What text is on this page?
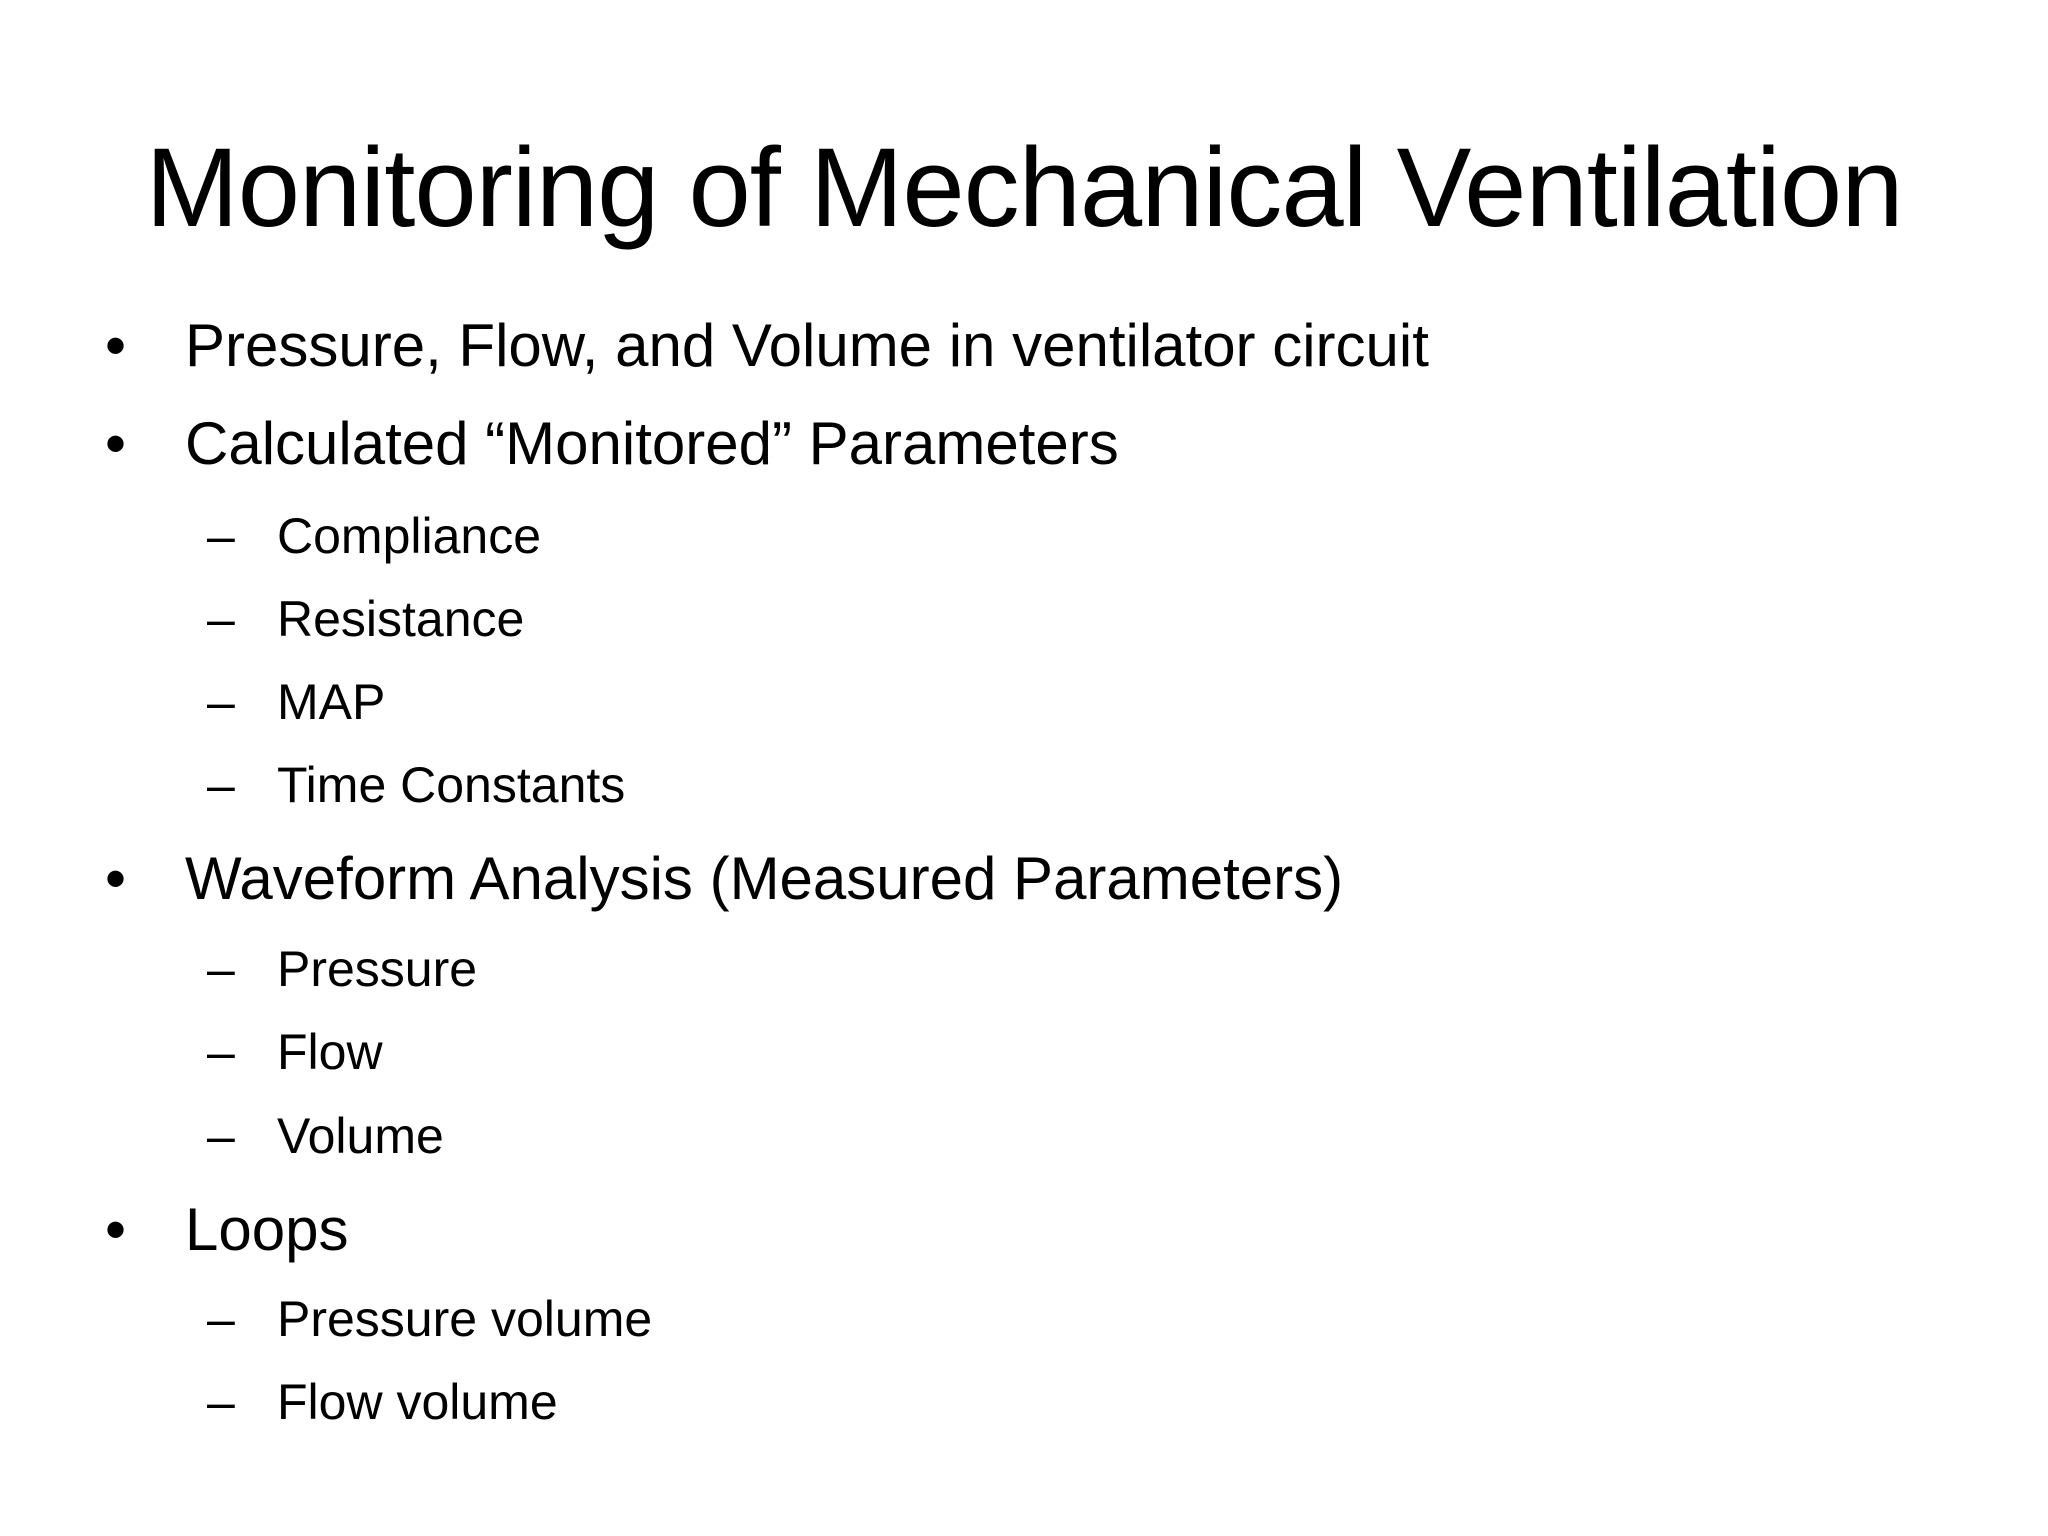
Monitoring of Mechanical Ventilation
• Pressure, Flow, and Volume in ventilator circuit
• Calculated “Monitored” Parameters
– Compliance
– Resistance
– MAP
– Time Constants
• Waveform Analysis (Measured Parameters)
– Pressure
– Flow
– Volume
• Loops
– Pressure volume
– Flow volume
